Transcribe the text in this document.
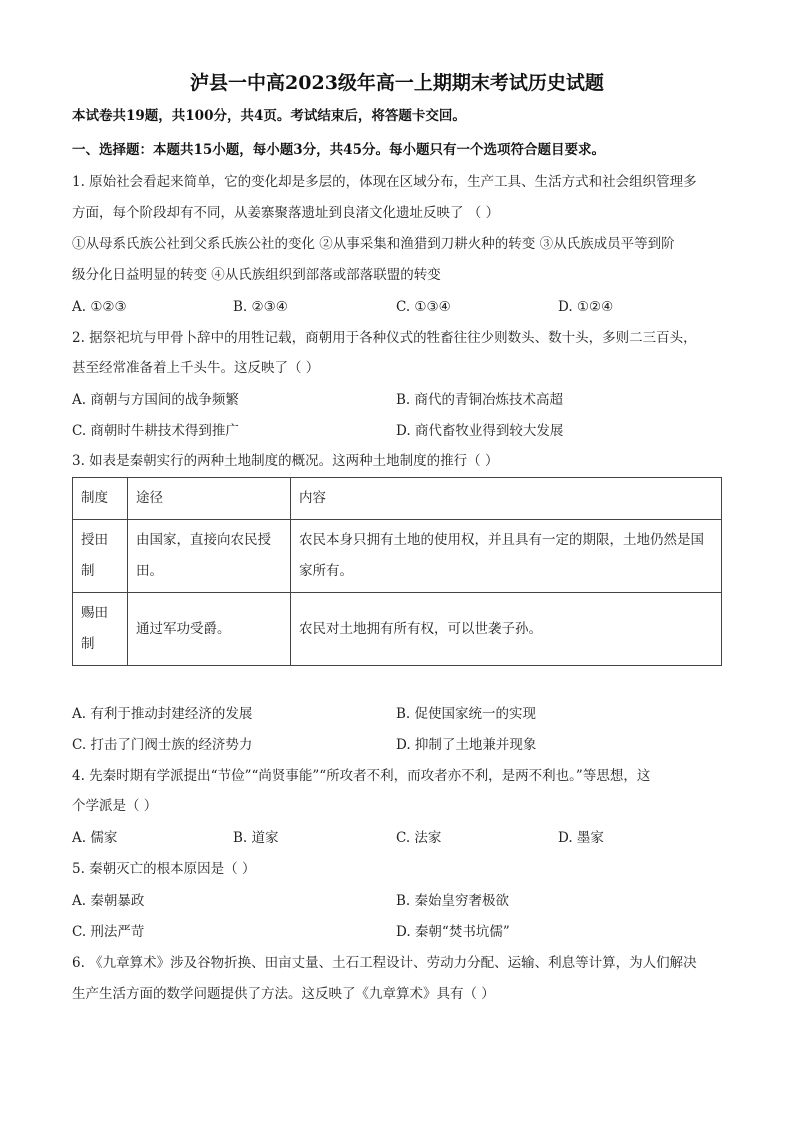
泸县一中高2023级年高一上期期末考试历史试题
本试卷共19题，共100分，共4页。考试结束后，将答题卡交回。
一、选择题：本题共15小题，每小题3分，共45分。每小题只有一个选项符合题目要求。
1. 原始社会看起来简单，它的变化却是多层的，体现在区域分布，生产工具、生活方式和社会组织管理多
方面，每个阶段却有不同，从姜寨聚落遗址到良渚文化遗址反映了 （ ）
①从母系氏族公社到父系氏族公社的变化 ②从事采集和渔猎到刀耕火种的转变 ③从氏族成员平等到阶
级分化日益明显的转变 ④从氏族组织到部落或部落联盟的转变
A. ①②③	B. ②③④	C. ①③④	D. ①②④
2. 据祭祀坑与甲骨卜辞中的用牲记载，商朝用于各种仪式的牲畜往往少则数头、数十头，多则二三百头，
甚至经常准备着上千头牛。这反映了（ ）
A. 商朝与方国间的战争频繁	B. 商代的青铜冶炼技术高超
C. 商朝时牛耕技术得到推广	D. 商代畜牧业得到较大发展
3. 如表是秦朝实行的两种土地制度的概况。这两种土地制度的推行（ ）
制度	途径	内容
授田制	由国家，直接向农民授田。	农民本身只拥有土地的使用权，并且具有一定的期限，土地仍然是国家所有。
赐田制	通过军功受爵。	农民对土地拥有所有权，可以世袭子孙。
A. 有利于推动封建经济的发展	B. 促使国家统一的实现
C. 打击了门阀士族的经济势力	D. 抑制了土地兼并现象
4. 先秦时期有学派提出“节俭”“尚贤事能”“所攻者不利，而攻者亦不利，是两不利也。”等思想，这
个学派是（ ）
A. 儒家	B. 道家	C. 法家	D. 墨家
5. 秦朝灭亡的根本原因是（ ）
A. 秦朝暴政	B. 秦始皇穷奢极欲
C. 刑法严苛	D. 秦朝“焚书坑儒”
6. 《九章算术》涉及谷物折换、田亩丈量、土石工程设计、劳动力分配、运输、利息等计算，为人们解决
生产生活方面的数学问题提供了方法。这反映了《九章算术》具有（ ）
